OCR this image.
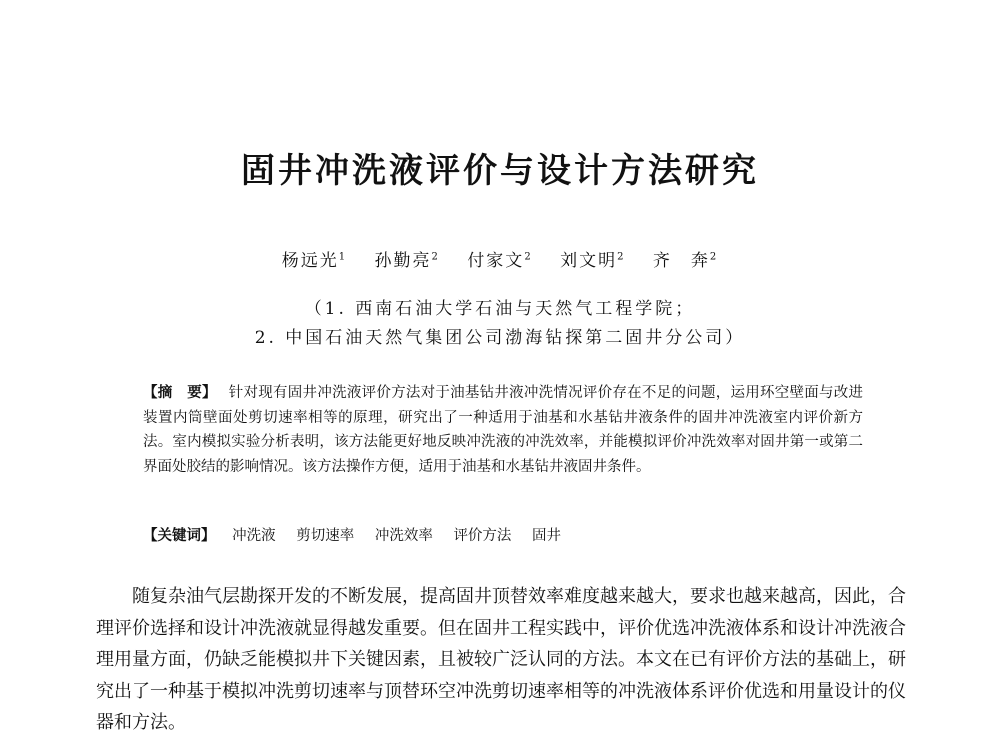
固井冲洗液评价与设计方法研究
杨远光$^1$ 孙勤亮$^2$ 付家文$^2$ 刘文明$^2$ 齐　奔$^2$
（1. 西南石油大学石油与天然气工程学院；
2. 中国石油天然气集团公司渤海钻探第二固井分公司）
【摘　要】 针对现有固井冲洗液评价方法对于油基钻井液冲洗情况评价存在不足的问题，运用环空壁面与改进装置内筒壁面处剪切速率相等的原理，研究出了一种适用于油基和水基钻井液条件的固井冲洗液室内评价新方法。室内模拟实验分析表明，该方法能更好地反映冲洗液的冲洗效率，并能模拟评价冲洗效率对固井第一或第二界面处胶结的影响情况。该方法操作方便，适用于油基和水基钻井液固井条件。
【关键词】 冲洗液 剪切速率 冲洗效率 评价方法 固井
随复杂油气层勘探开发的不断发展，提高固井顶替效率难度越来越大，要求也越来越高，因此，合理评价选择和设计冲洗液就显得越发重要。但在固井工程实践中，评价优选冲洗液体系和设计冲洗液合理用量方面，仍缺乏能模拟井下关键因素，且被较广泛认同的方法。本文在已有评价方法的基础上，研究出了一种基于模拟冲洗剪切速率与顶替环空冲洗剪切速率相等的冲洗液体系评价优选和用量设计的仪器和方法。
